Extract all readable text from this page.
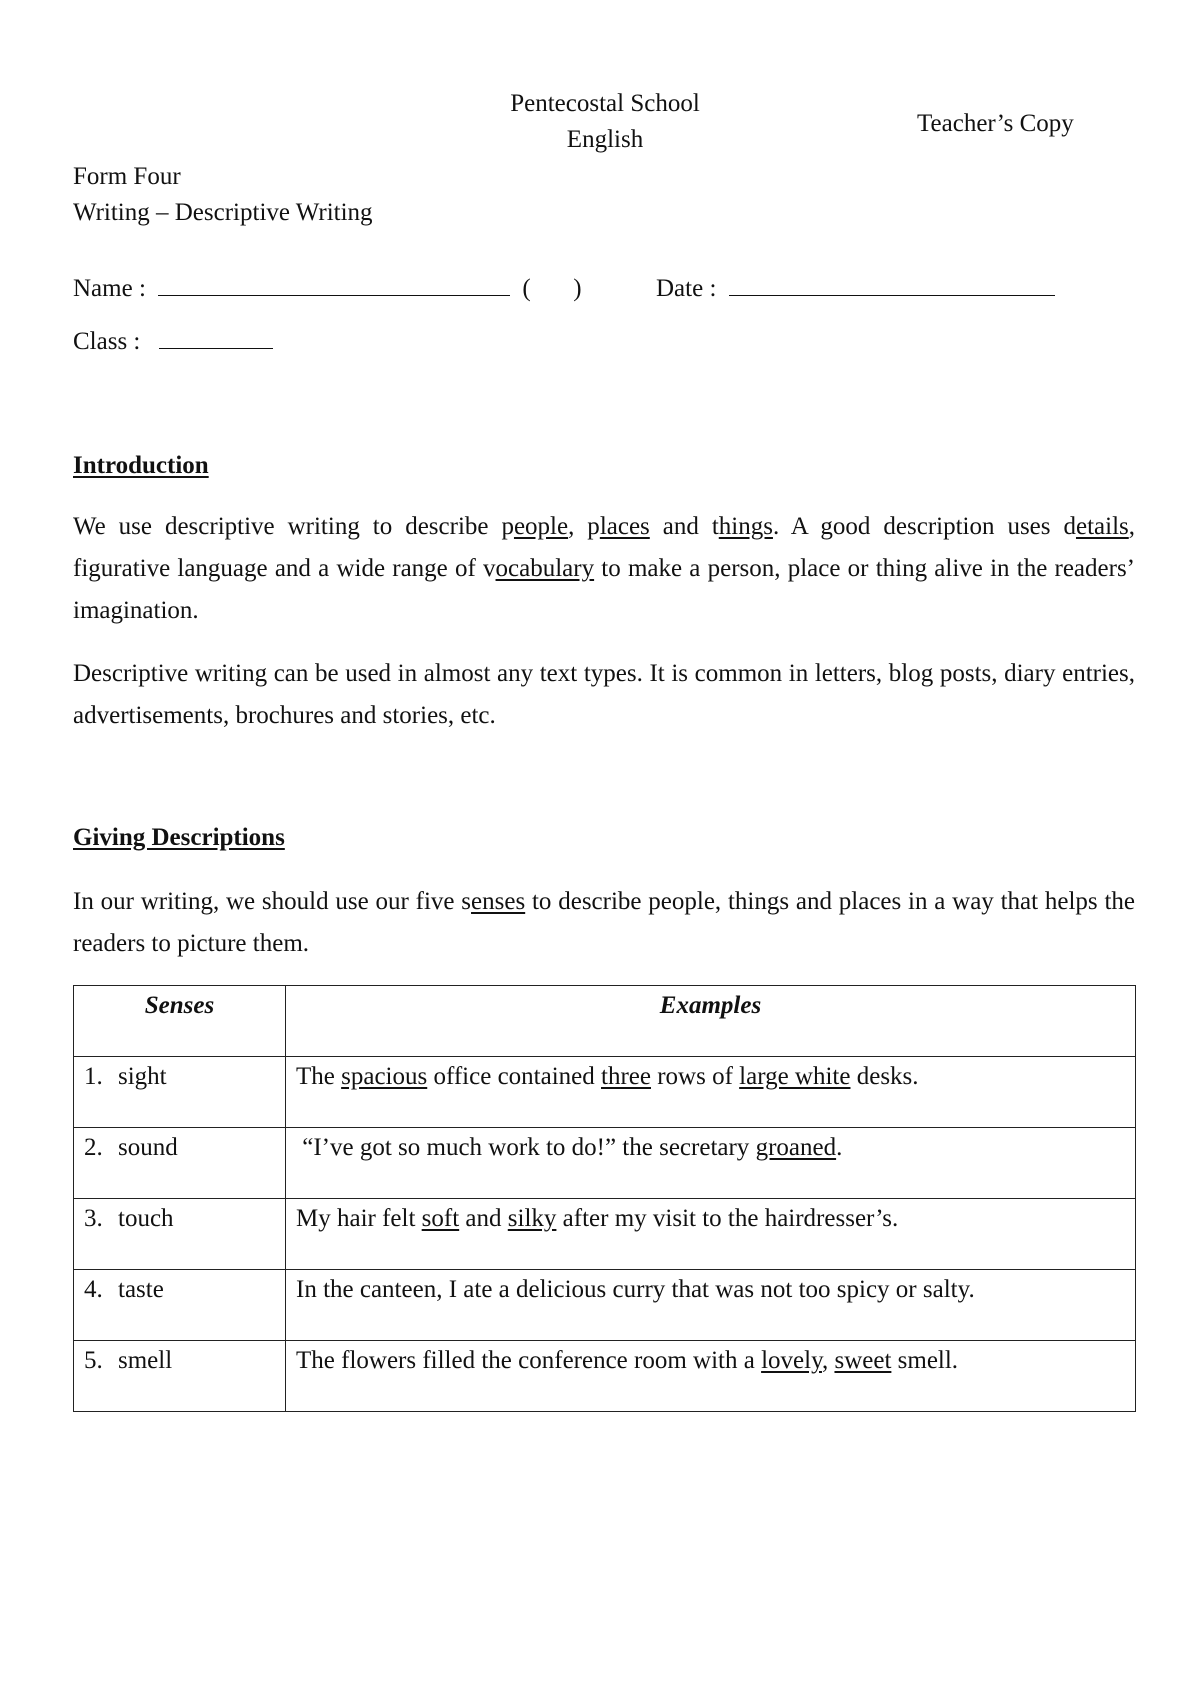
Pentecostal School
English
Teacher’s Copy
Form Four
Writing – Descriptive Writing
Name :	( )	Date :
Class :
Introduction
We use descriptive writing to describe people, places and things. A good description uses details, figurative language and a wide range of vocabulary to make a person, place or thing alive in the readers’ imagination.
Descriptive writing can be used in almost any text types. It is common in letters, blog posts, diary entries, advertisements, brochures and stories, etc.
Giving Descriptions
In our writing, we should use our five senses to describe people, things and places in a way that helps the readers to picture them.
Senses	Examples
1. sight	The spacious office contained three rows of large white desks.
2. sound	“I’ve got so much work to do!” the secretary groaned.
3. touch	My hair felt soft and silky after my visit to the hairdresser’s.
4. taste	In the canteen, I ate a delicious curry that was not too spicy or salty.
5. smell	The flowers filled the conference room with a lovely, sweet smell.
